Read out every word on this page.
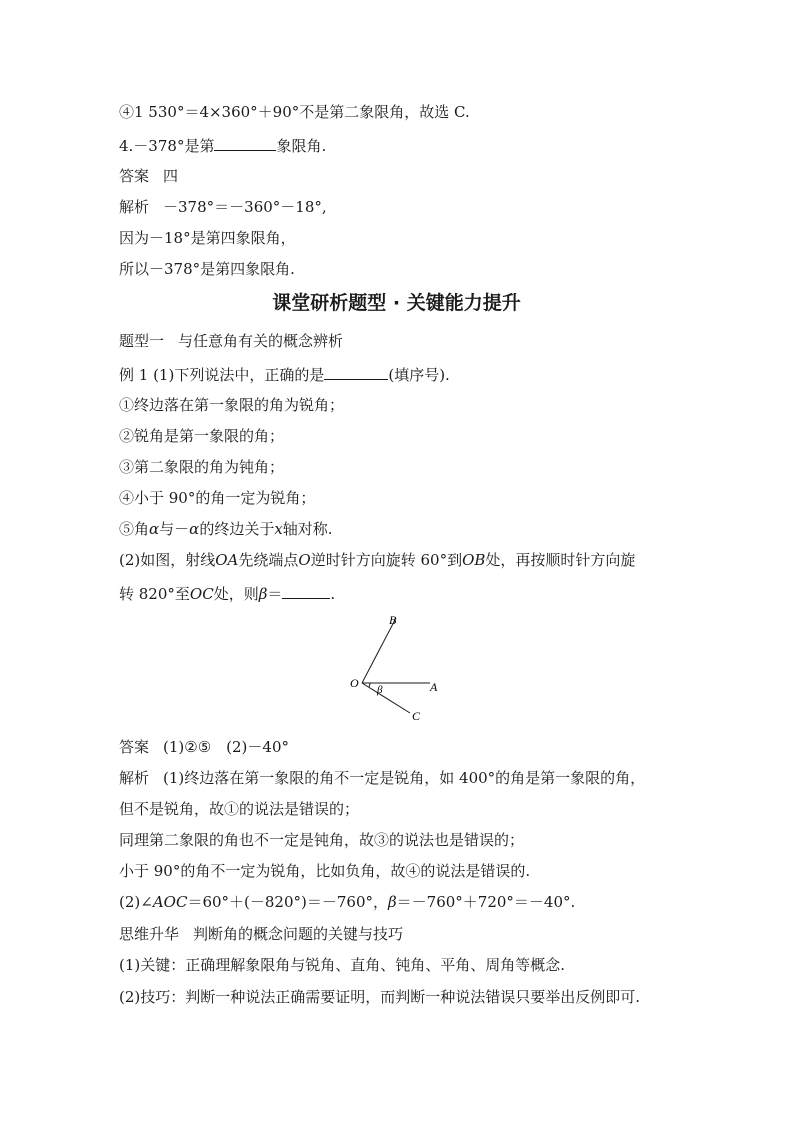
④1 530°＝4×360°＋90°不是第二象限角，故选 C.
4.－378°是第	象限角.
答案 四
解析 －378°＝－360°－18°,
因为－18°是第四象限角，
所以－378°是第四象限角.
课堂研析题型 · 关键能力提升
题型一 与任意角有关的概念辨析
例 1 (1)下列说法中，正确的是	(填序号).
①终边落在第一象限的角为锐角；
②锐角是第一象限的角；
③第二象限的角为钝角；
④小于 90°的角一定为锐角；
⑤角α与－α的终边关于x轴对称.
(2)如图，射线OA先绕端点O逆时针方向旋转 60°到OB处，再按顺时针方向旋
转 820°至OC处，则β＝	.
B
O β	A
C
答案 (1)②⑤　(2)－40°
解析 (1)终边落在第一象限的角不一定是锐角，如 400°的角是第一象限的角，
但不是锐角，故①的说法是错误的；
同理第二象限的角也不一定是钝角，故③的说法也是错误的；
小于 90°的角不一定为锐角，比如负角，故④的说法是错误的.
(2)∠AOC＝60°＋(－820°)＝－760°，β＝－760°＋720°＝－40°.
思维升华 判断角的概念问题的关键与技巧
(1)关键：正确理解象限角与锐角、直角、钝角、平角、周角等概念.
(2)技巧：判断一种说法正确需要证明，而判断一种说法错误只要举出反例即可.
